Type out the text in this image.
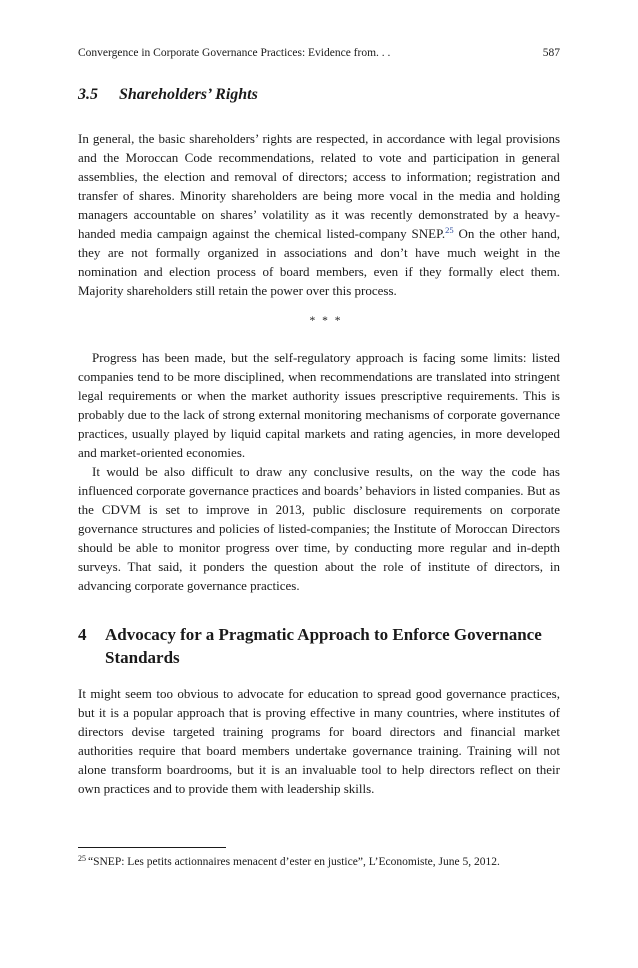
Convergence in Corporate Governance Practices: Evidence from. . .	587
3.5 Shareholders’ Rights

In general, the basic shareholders’ rights are respected, in accordance with legal provisions and the Moroccan Code recommendations, related to vote and participation in general assemblies, the election and removal of directors; access to information; registration and transfer of shares. Minority shareholders are being more vocal in the media and holding managers accountable on shares’ volatility as it was recently demonstrated by a heavy-handed media campaign against the chemical listed-company SNEP.$^{25}$ On the other hand, they are not formally organized in associations and don’t have much weight in the nomination and election process of board members, even if they formally elect them. Majority shareholders still retain the power over this process.

* * *

Progress has been made, but the self-regulatory approach is facing some limits: listed companies tend to be more disciplined, when recommendations are translated into stringent legal requirements or when the market authority issues prescriptive requirements. This is probably due to the lack of strong external monitoring mechanisms of corporate governance practices, usually played by liquid capital markets and rating agencies, in more developed and market-oriented economies.

It would be also difficult to draw any conclusive results, on the way the code has influenced corporate governance practices and boards’ behaviors in listed companies. But as the CDVM is set to improve in 2013, public disclosure requirements on corporate governance structures and policies of listed-companies; the Institute of Moroccan Directors should be able to monitor progress over time, by conducting more regular and in-depth surveys. That said, it ponders the question about the role of institute of directors, in advancing corporate governance practices.

4	Advocacy for a Pragmatic Approach to Enforce Governance Standards

It might seem too obvious to advocate for education to spread good governance practices, but it is a popular approach that is proving effective in many countries, where institutes of directors devise targeted training programs for board directors and financial market authorities require that board members undertake governance training. Training will not alone transform boardrooms, but it is an invaluable tool to help directors reflect on their own practices and to provide them with leadership skills.

$^{25}$ “SNEP: Les petits actionnaires menacent d’ester en justice”, L’Economiste, June 5, 2012.
